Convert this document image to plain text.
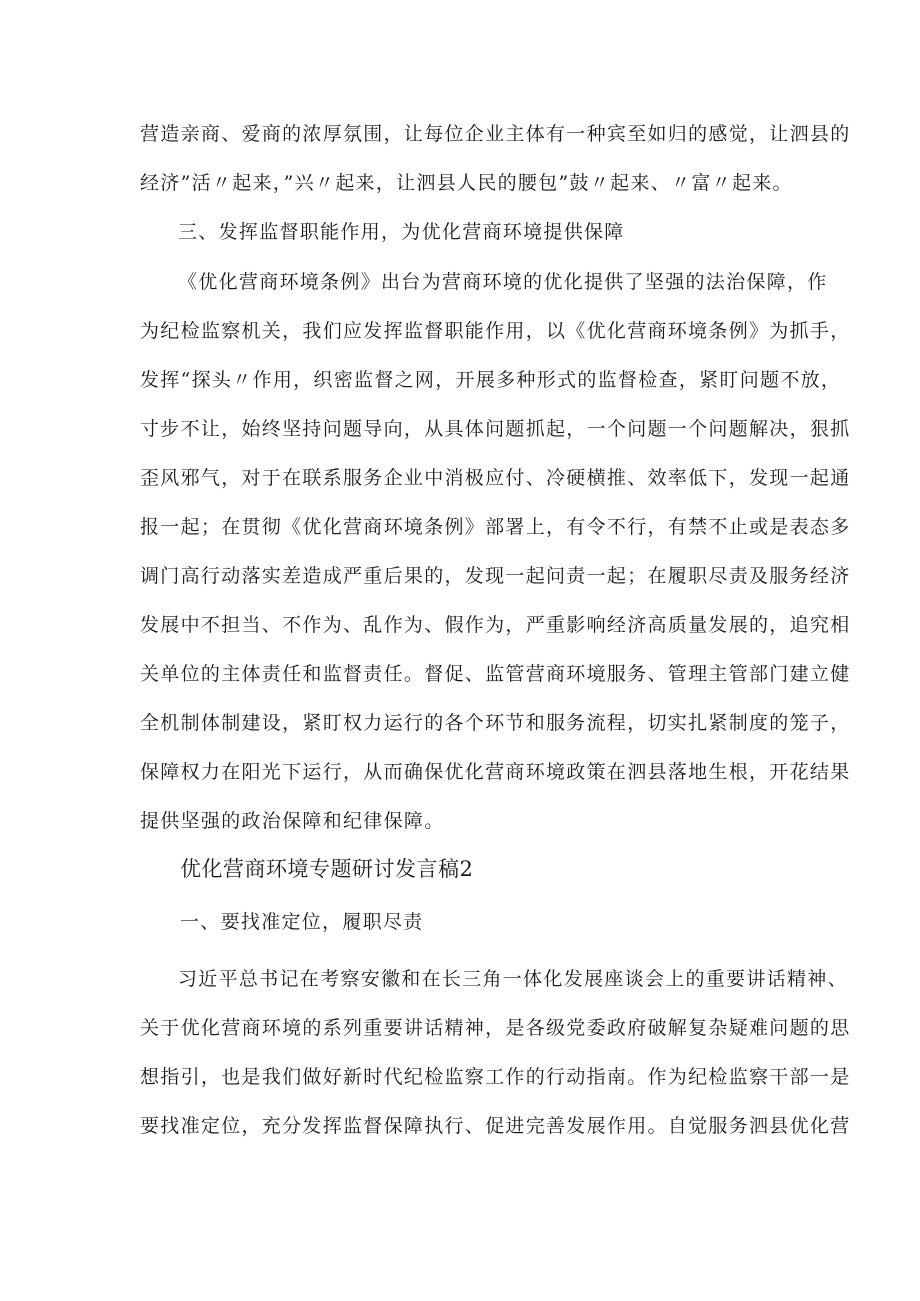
营造亲商、爱商的浓厚氛围，让每位企业主体有一种宾至如归的感觉，让泗县的
经济”活〃起来，”兴〃起来，让泗县人民的腰包”鼓〃起来、〃富〃起来。
三、发挥监督职能作用，为优化营商环境提供保障
《优化营商环境条例》出台为营商环境的优化提供了坚强的法治保障，作
为纪检监察机关，我们应发挥监督职能作用，以《优化营商环境条例》为抓手，
发挥“探头〃作用，织密监督之网，开展多种形式的监督检查，紧盯问题不放，
寸步不让，始终坚持问题导向，从具体问题抓起，一个问题一个问题解决，狠抓
歪风邪气，对于在联系服务企业中消极应付、冷硬横推、效率低下，发现一起通
报一起；在贯彻《优化营商环境条例》部署上，有令不行，有禁不止或是表态多
调门高行动落实差造成严重后果的，发现一起问责一起；在履职尽责及服务经济
发展中不担当、不作为、乱作为、假作为，严重影响经济高质量发展的，追究相
关单位的主体责任和监督责任。督促、监管营商环境服务、管理主管部门建立健
全机制体制建设，紧盯权力运行的各个环节和服务流程，切实扎紧制度的笼子，
保障权力在阳光下运行，从而确保优化营商环境政策在泗县落地生根，开花结果
提供坚强的政治保障和纪律保障。
优化营商环境专题研讨发言稿2
一、要找准定位，履职尽责
习近平总书记在考察安徽和在长三角一体化发展座谈会上的重要讲话精神、
关于优化营商环境的系列重要讲话精神，是各级党委政府破解复杂疑难问题的思
想指引，也是我们做好新时代纪检监察工作的行动指南。作为纪检监察干部一是
要找准定位，充分发挥监督保障执行、促进完善发展作用。自觉服务泗县优化营
